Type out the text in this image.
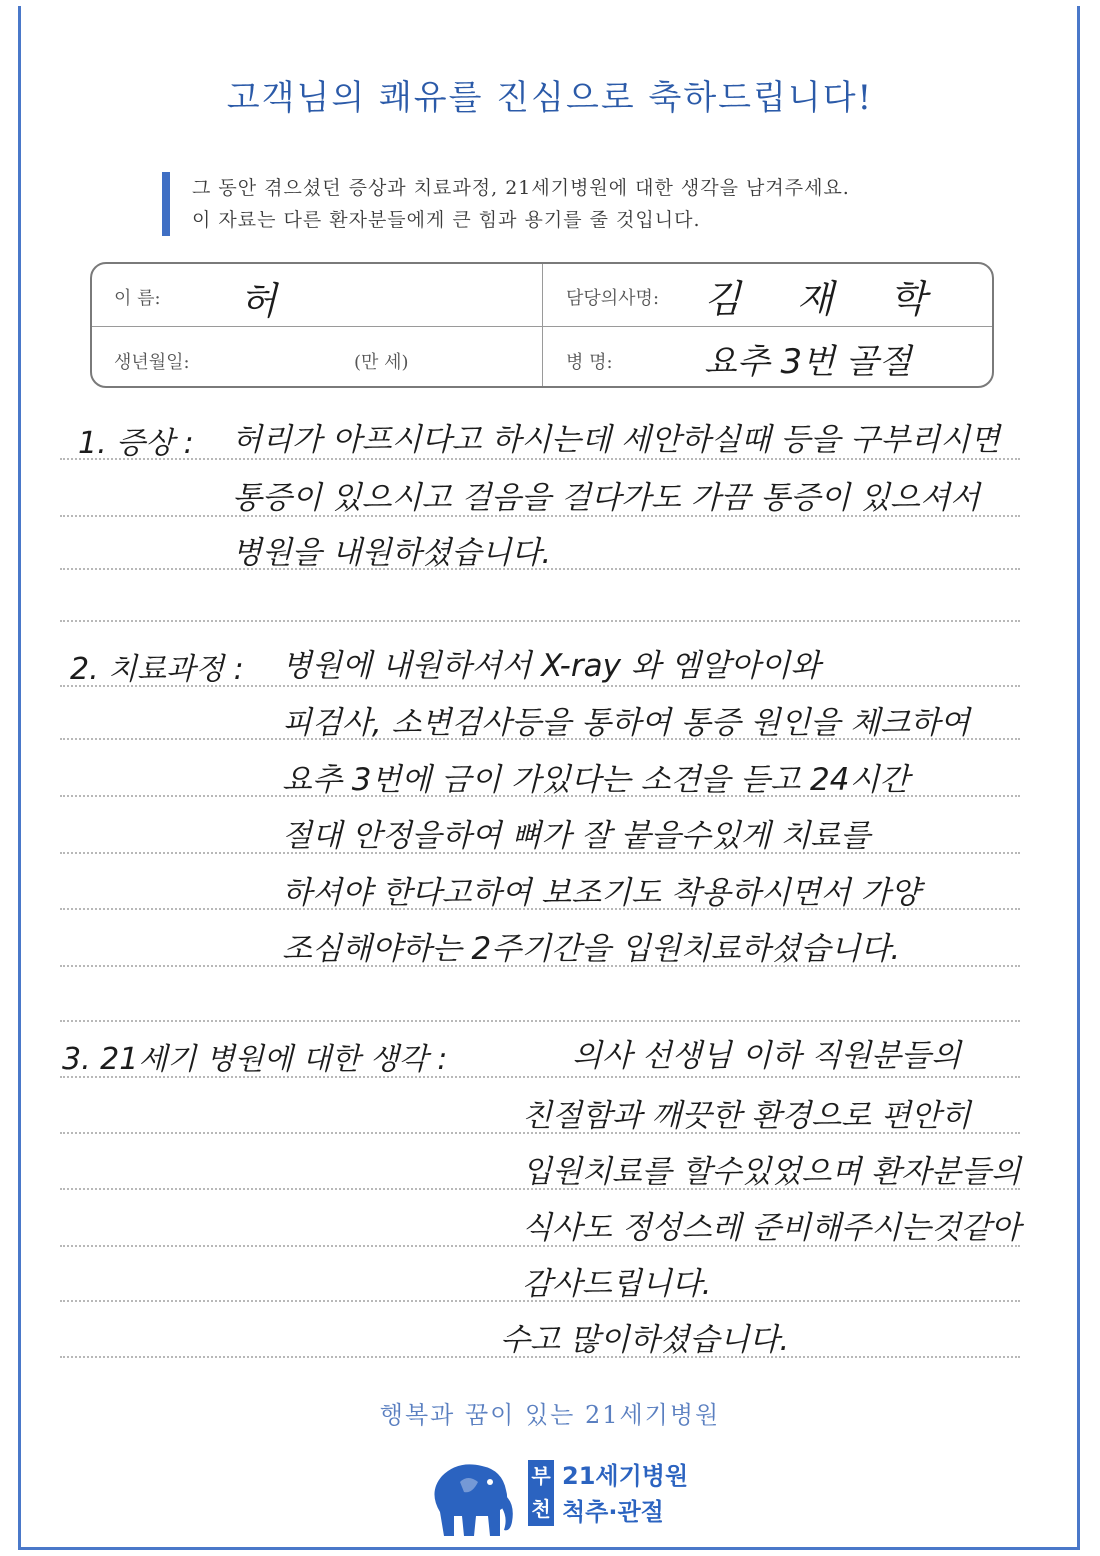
고객님의 쾌유를 진심으로 축하드립니다!
그 동안 겪으셨던 증상과 치료과정, 21세기병원에 대한 생각을 남겨주세요.
이 자료는 다른 환자분들에게 큰 힘과 용기를 줄 것입니다.
이 름: 허	담당의사명: 김 재 학
생년월일:	(만 세)	병 명:	요추 3번 골절
1. 증상 : 허리가 아프시다고 하시는데 세안하실때 등을 구부리시면
통증이 있으시고 걸음을 걸다가도 가끔 통증이 있으셔서
병원을 내원하셨습니다.
2. 치료과정 : 병원에 내원하셔서 X-ray 와 엠알아이와
피검사, 소변검사등을 통하여 통증 원인을 체크하여
요추 3번에 금이 가있다는 소견을 듣고 24시간
절대 안정을하여 뼈가 잘 붙을수있게 치료를
하셔야 한다고하여 보조기도 착용하시면서 가양
조심해야하는 2주기간을 입원치료하셨습니다.
3. 21세기 병원에 대한 생각 :	의사 선생님 이하 직원분들의
친절함과 깨끗한 환경으로 편안히
입원치료를 할수있었으며 환자분들의
식사도 정성스레 준비해주시는것같아
감사드립니다.
수고 많이하셨습니다.
행복과 꿈이 있는 21세기병원
부
천
21세기병원
척추·관절
